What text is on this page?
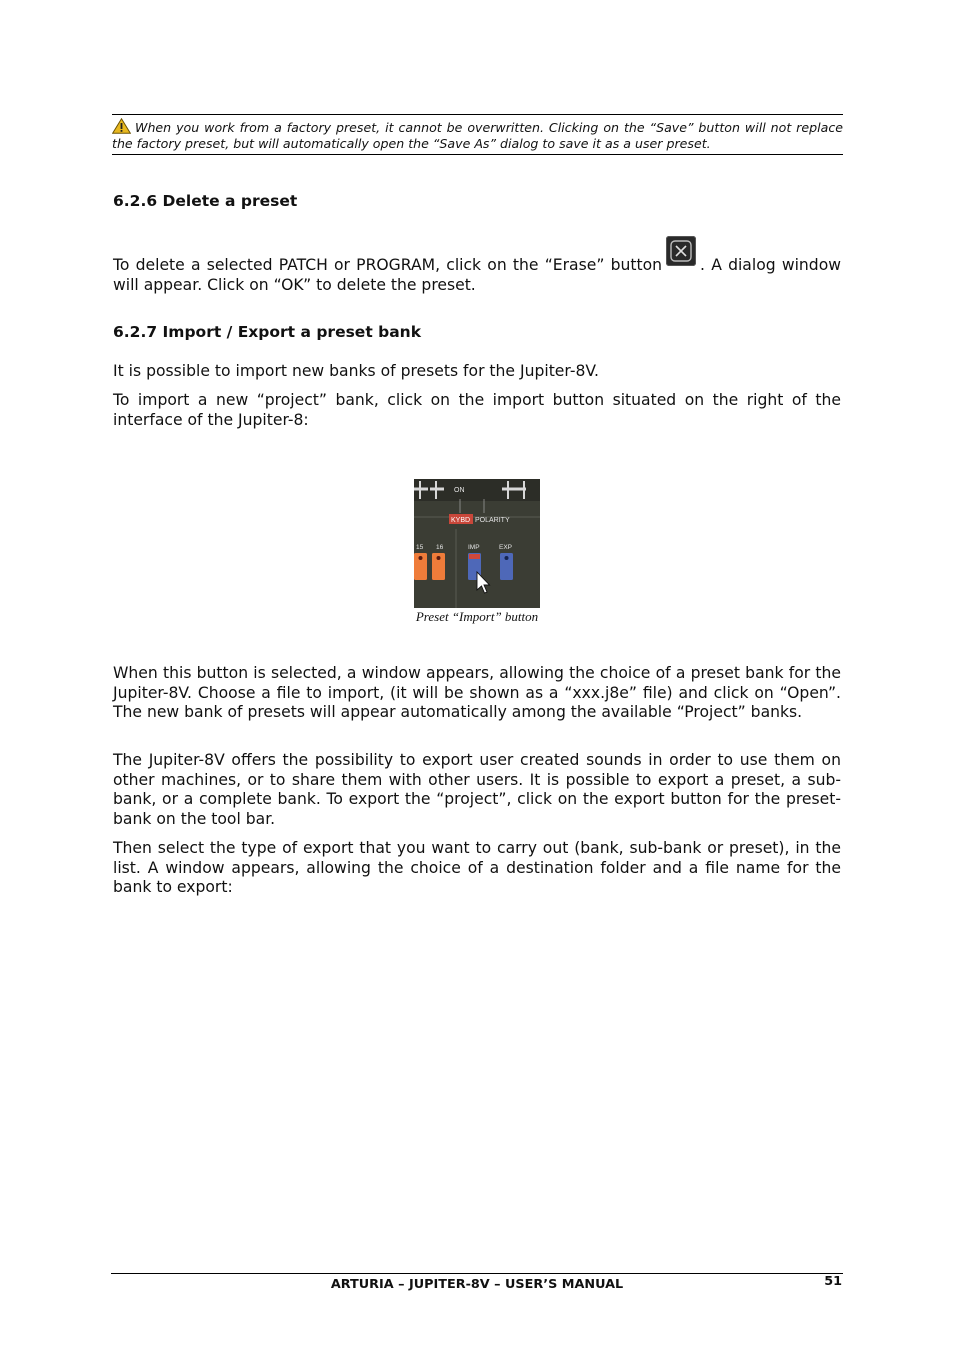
When you work from a factory preset, it cannot be overwritten. Clicking on the “Save” button will not replace the factory preset, but will automatically open the “Save As” dialog to save it as a user preset.
6.2.6 Delete a preset

To delete a selected PATCH or PROGRAM, click on the “Erase” button . A dialog window will appear. Click on “OK” to delete the preset.

6.2.7 Import / Export a preset bank

It is possible to import new banks of presets for the Jupiter-8V.

To import a new “project” bank, click on the import button situated on the right of the interface of the Jupiter-8:

ON
KYBD POLARITY
15 16	IMP	EXP
Preset “Import” button

When this button is selected, a window appears, allowing the choice of a preset bank for the Jupiter-8V. Choose a file to import, (it will be shown as a “xxx.j8e” file) and click on “Open”. The new bank of presets will appear automatically among the available “Project” banks.

The Jupiter-8V offers the possibility to export user created sounds in order to use them on other machines, or to share them with other users. It is possible to export a preset, a sub-bank, or a complete bank. To export the “project”, click on the export button for the preset-bank on the tool bar.

Then select the type of export that you want to carry out (bank, sub-bank or preset), in the list. A window appears, allowing the choice of a destination folder and a file name for the bank to export:

ARTURIA – JUPITER-8V – USER’S MANUAL	51
